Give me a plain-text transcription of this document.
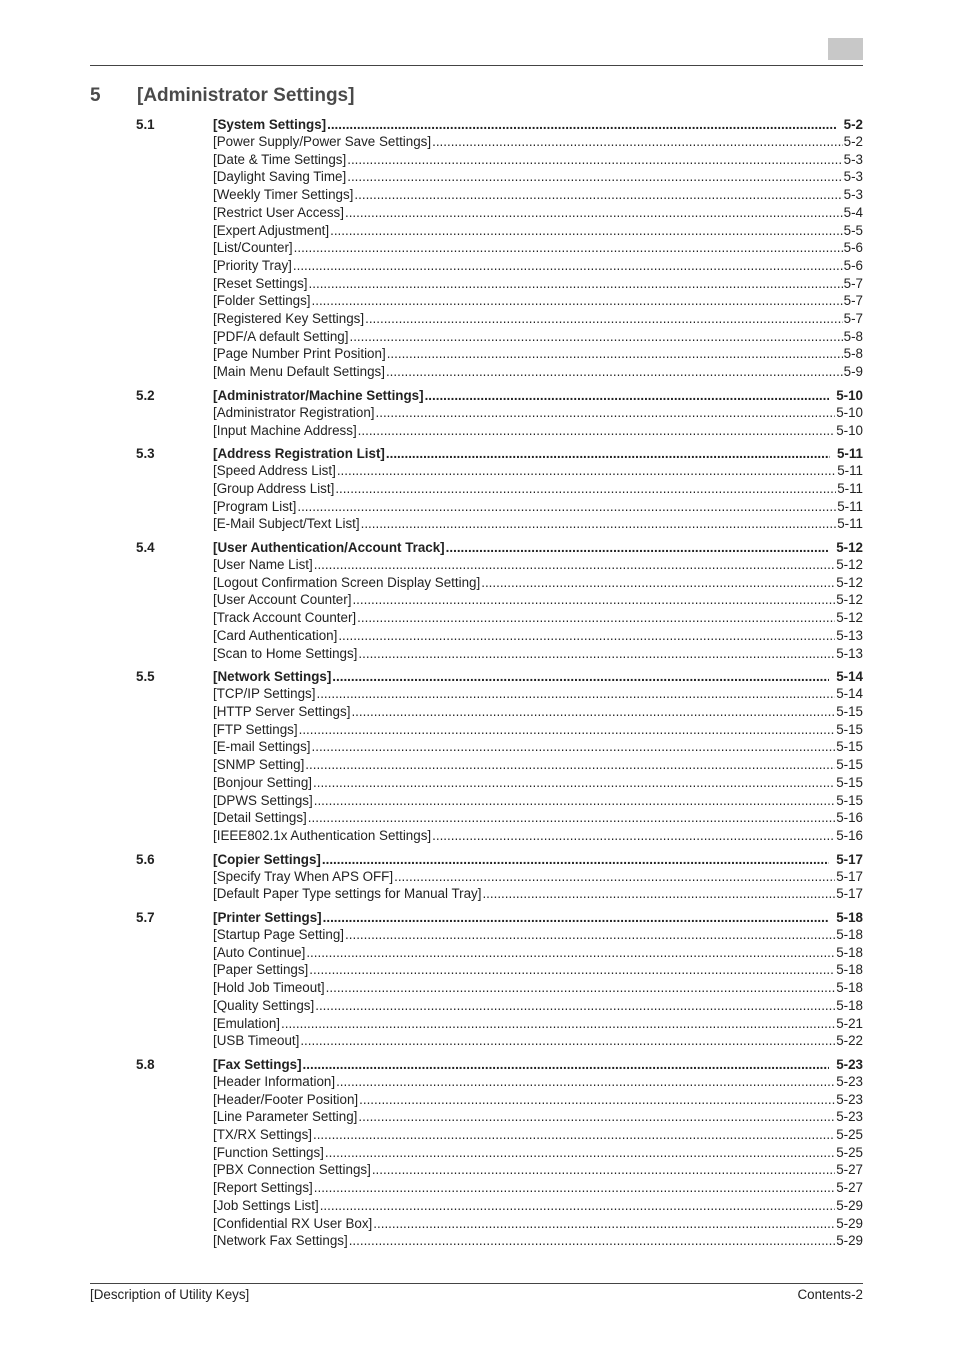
5 [Administrator Settings]
5.1	[System Settings] .....	5-2
[Power Supply/Power Save Settings] .....	5-2
[Date & Time Settings] .....	5-3
[Daylight Saving Time] .....	5-3
[Weekly Timer Settings] .....	5-3
[Restrict User Access] .....	5-4
[Expert Adjustment] .....	5-5
[List/Counter] .....	5-6
[Priority Tray] .....	5-6
[Reset Settings] .....	5-7
[Folder Settings] .....	5-7
[Registered Key Settings] .....	5-7
[PDF/A default Setting] .....	5-8
[Page Number Print Position] .....	5-8
[Main Menu Default Settings] .....	5-9
5.2	[Administrator/Machine Settings] .....	5-10
[Administrator Registration] .....	5-10
[Input Machine Address] .....	5-10
5.3	[Address Registration List] .....	5-11
[Speed Address List] .....	5-11
[Group Address List] .....	5-11
[Program List] .....	5-11
[E-Mail Subject/Text List] .....	5-11
5.4	[User Authentication/Account Track] .....	5-12
[User Name List] .....	5-12
[Logout Confirmation Screen Display Setting] .....	5-12
[User Account Counter] .....	5-12
[Track Account Counter] .....	5-12
[Card Authentication] .....	5-13
[Scan to Home Settings] .....	5-13
5.5	[Network Settings] .....	5-14
[TCP/IP Settings] .....	5-14
[HTTP Server Settings] .....	5-15
[FTP Settings] .....	5-15
[E-mail Settings] .....	5-15
[SNMP Setting] .....	5-15
[Bonjour Setting] .....	5-15
[DPWS Settings] .....	5-15
[Detail Settings] .....	5-16
[IEEE802.1x Authentication Settings] .....	5-16
5.6	[Copier Settings] .....	5-17
[Specify Tray When APS OFF] .....	5-17
[Default Paper Type settings for Manual Tray] .....	5-17
5.7	[Printer Settings] .....	5-18
[Startup Page Setting] .....	5-18
[Auto Continue] .....	5-18
[Paper Settings] .....	5-18
[Hold Job Timeout] .....	5-18
[Quality Settings] .....	5-18
[Emulation] .....	5-21
[USB Timeout] .....	5-22
5.8	[Fax Settings] .....	5-23
[Header Information] .....	5-23
[Header/Footer Position] .....	5-23
[Line Parameter Setting] .....	5-23
[TX/RX Settings] .....	5-25
[Function Settings] .....	5-25
[PBX Connection Settings] .....	5-27
[Report Settings] .....	5-27
[Job Settings List] .....	5-29
[Confidential RX User Box] .....	5-29
[Network Fax Settings] .....	5-29
[Description of Utility Keys]	Contents-2
